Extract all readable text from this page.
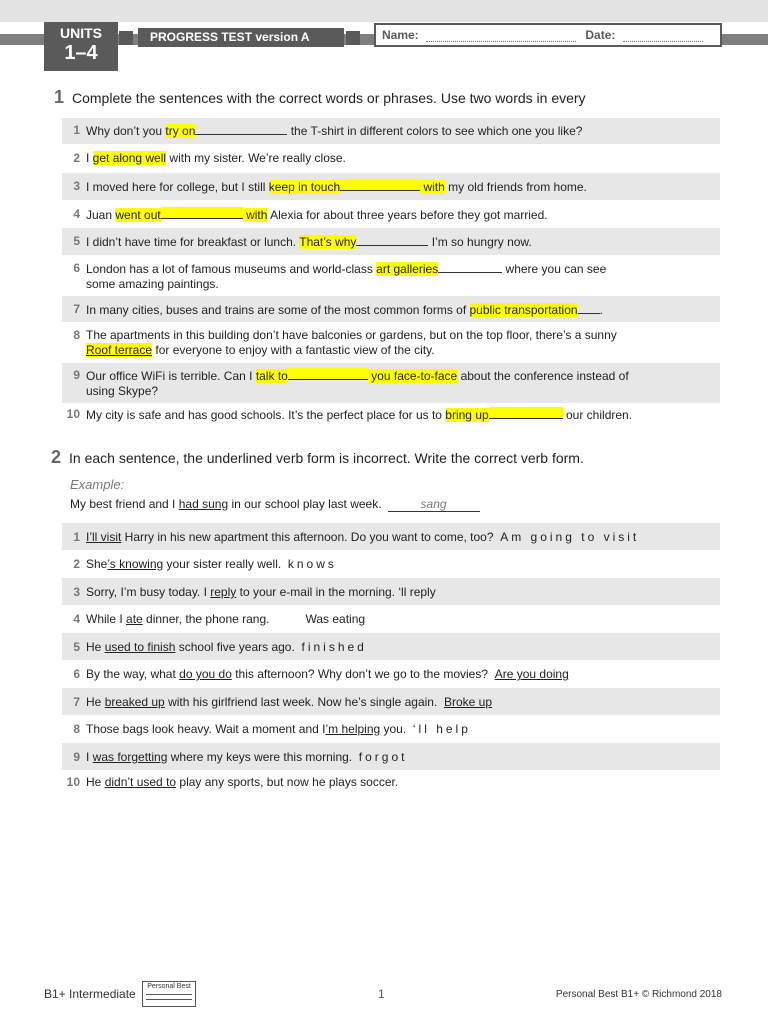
UNITS
1–4
PROGRESS TEST version A	Name:	Date:
1 Complete the sentences with the correct words or phrases. Use two words in every
1 Why don’t you try on	the T-shirt in different colors to see which one you like?
2 I get along well with my sister. We’re really close.
3 I moved here for college, but I still keep in touch	with my old friends from home.
4 Juan went out	with Alexia for about three years before they got married.
5 I didn’t have time for breakfast or lunch. That’s why	I’m so hungry now.
6 London has a lot of famous museums and world-class art galleries	where you can see
some amazing paintings.
7 In many cities, buses and trains are some of the most common forms of public transportation .
8 The apartments in this building don’t have balconies or gardens, but on the top floor, there’s a sunny
Roof terrace for everyone to enjoy with a fantastic view of the city.
9 Our office WiFi is terrible. Can I talk to	you face-to-face about the conference instead of
using Skype?
10 My city is safe and has good schools. It’s the perfect place for us to bring up	our children.
2 In each sentence, the underlined verb form is incorrect. Write the correct verb form.
Example:
My best friend and I had sung in our school play last week.	sang
1 I’ll visit Harry in his new apartment this afternoon. Do you want to come, too? Am going to visit
2 She’s knowing your sister really well. knows
3 Sorry, I’m busy today. I reply to your e-mail in the morning. ‘ll reply
4 While I ate dinner, the phone rang.	Was eating
5 He used to finish school five years ago. finished
6 By the way, what do you do this afternoon? Why don’t we go to the movies? Are you doing
7 He breaked up with his girlfriend last week. Now he’s single again. Broke up
8 Those bags look heavy. Wait a moment and I’m helping you. ‘ll help
9 I was forgetting where my keys were this morning. forgot
10 He didn’t used to play any sports, but now he plays soccer.
B1+ Intermediate
Personal Best
1	Personal Best B1+ © Richmond 2018
